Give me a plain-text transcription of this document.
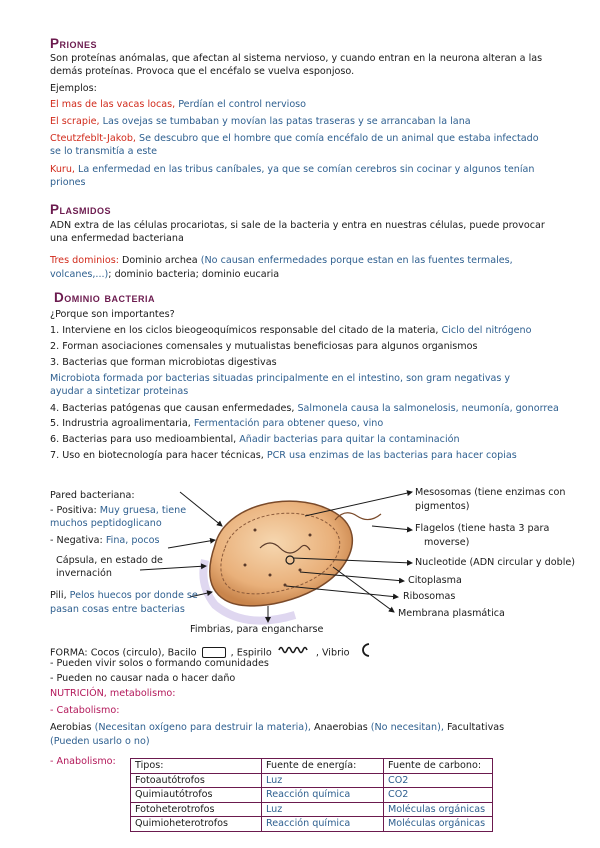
Priones
Son proteínas anómalas, que afectan al sistema nervioso, y cuando entran en la neurona alteran a las
demás proteínas. Provoca que el encéfalo se vuelva esponjoso.
Ejemplos:
El mas de las vacas locas, Perdían el control nervioso
El scrapie, Las ovejas se tumbaban y movían las patas traseras y se arrancaban la lana
Cteutzfeblt-Jakob, Se descubro que el hombre que comía encéfalo de un animal que estaba infectado
se lo transmitía a este
Kuru, La enfermedad en las tribus caníbales, ya que se comían cerebros sin cocinar y algunos tenían
priones
Plasmidos
ADN extra de las células procariotas, si sale de la bacteria y entra en nuestras células, puede provocar
una enfermedad bacteriana
Tres dominios: Dominio archea (No causan enfermedades porque estan en las fuentes termales,
volcanes,...); dominio bacteria; dominio eucaria
Dominio bacteria
¿Porque son importantes?
1. Interviene en los ciclos bieogeoquímicos responsable del citado de la materia, Ciclo del nitrógeno
2. Forman asociaciones comensales y mutualistas beneficiosas para algunos organismos
3. Bacterias que forman microbiotas digestivas
Microbiota formada por bacterias situadas principalmente en el intestino, son gram negativas y
ayudar a sintetizar proteinas
4. Bacterias patógenas que causan enfermedades, Salmonela causa la salmonelosis, neumonía, gonorrea
5. Indrustria agroalimentaria, Fermentación para obtener queso, vino
6. Bacterias para uso medioambiental, Añadir bacterias para quitar la contaminación
7. Uso en biotecnología para hacer técnicas, PCR usa enzimas de las bacterias para hacer copias
Pared bacteriana:
- Positiva: Muy gruesa, tiene
muchos peptidoglicano
- Negativa: Fina, pocos
Cápsula, en estado de
invernación
Pili, Pelos huecos por donde se
pasan cosas entre bacterias
Fimbrias, para engancharse
Mesosomas (tiene enzimas con
pigmentos)
Flagelos (tiene hasta 3 para
moverse)
Nucleotide (ADN circular y doble)
Citoplasma
Ribosomas
Membrana plasmática
FORMA: Cocos (circulo), Bacilo	, Espirilo	, Vibrio
- Pueden vivir solos o formando comunidades
- Pueden no causar nada o hacer daño
NUTRICIÓN, metabolismo:
- Catabolismo:
Aerobias (Necesitan oxígeno para destruir la materia), Anaerobias (No necesitan), Facultativas
(Pueden usarlo o no)
- Anabolismo: Tipos:	Fuente de energía:	Fuente de carbono:
Fotoautótrofos	Luz	CO2
Quimiautótrofos	Reacción química	CO2
Fotoheterotrofos	Luz	Moléculas orgánicas
Quimioheterotrofos	Reacción química	Moléculas orgánicas
